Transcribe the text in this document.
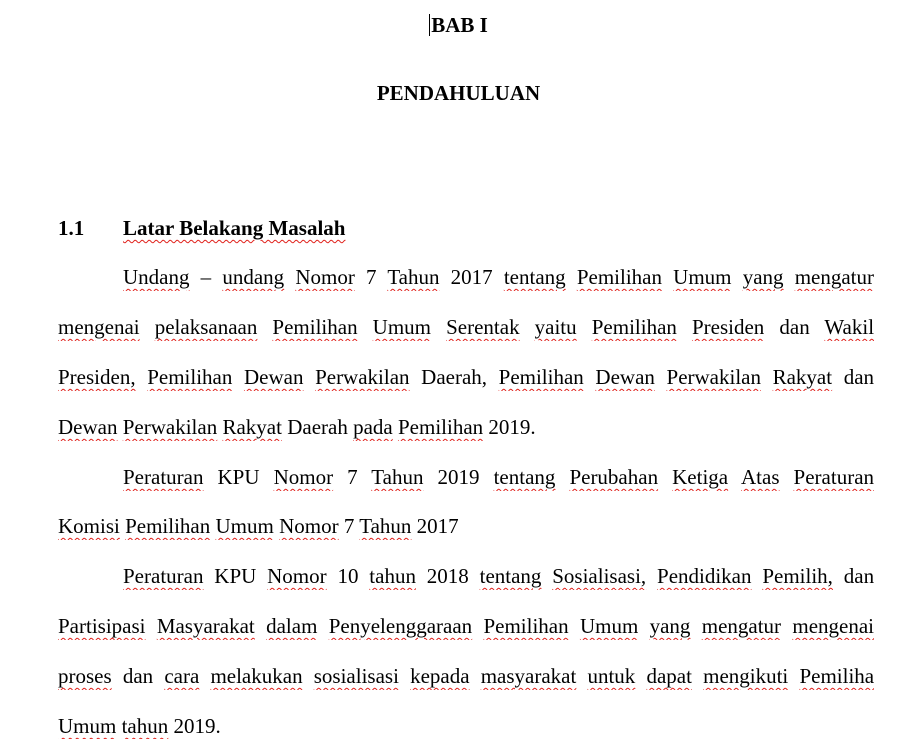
BAB I
PENDAHULUAN
1.1 Latar Belakang Masalah
Undang – undang Nomor 7 Tahun 2017 tentang Pemilihan Umum yang mengatur
mengenai pelaksanaan Pemilihan Umum Serentak yaitu Pemilihan Presiden dan Wakil
Presiden, Pemilihan Dewan Perwakilan Daerah, Pemilihan Dewan Perwakilan Rakyat dan
Dewan Perwakilan Rakyat Daerah pada Pemilihan 2019.
Peraturan KPU Nomor 7 Tahun 2019 tentang Perubahan Ketiga Atas Peraturan
Komisi Pemilihan Umum Nomor 7 Tahun 2017
Peraturan KPU Nomor 10 tahun 2018 tentang Sosialisasi, Pendidikan Pemilih, dan
Partisipasi Masyarakat dalam Penyelenggaraan Pemilihan Umum yang mengatur mengenai
proses dan cara melakukan sosialisasi kepada masyarakat untuk dapat mengikuti Pemiliha
Umum tahun 2019.
